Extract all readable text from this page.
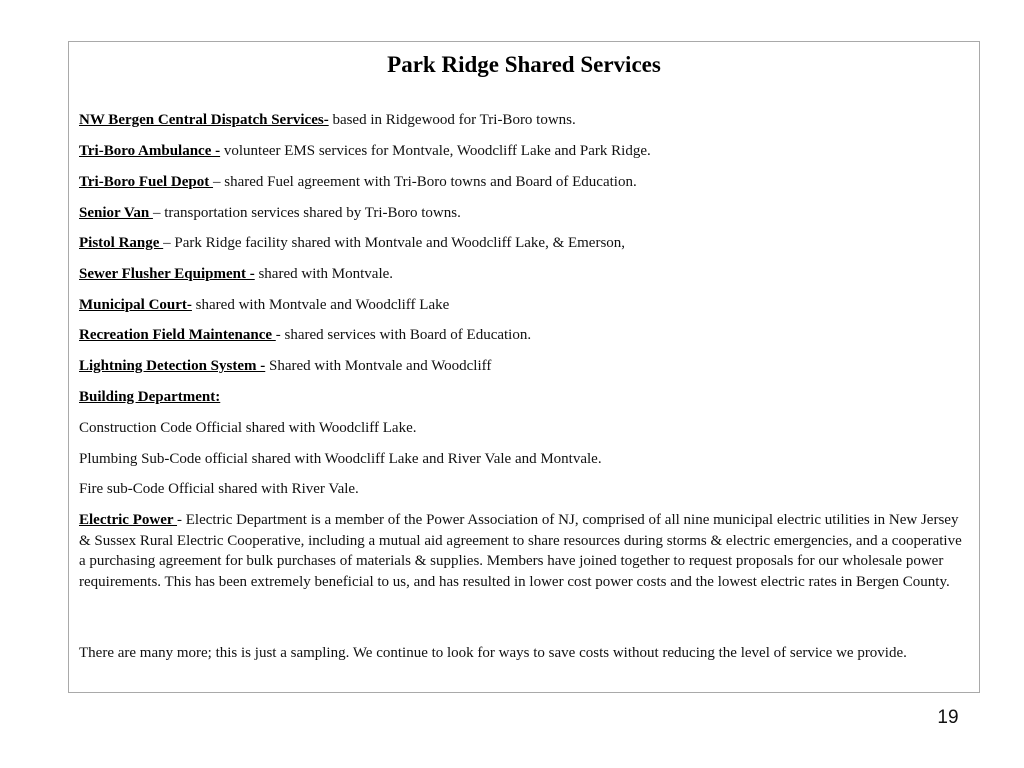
Park Ridge Shared Services
NW Bergen Central Dispatch Services- based in Ridgewood for Tri-Boro towns.
Tri-Boro Ambulance - volunteer EMS services for Montvale, Woodcliff Lake and Park Ridge.
Tri-Boro Fuel Depot – shared Fuel agreement with Tri-Boro towns and Board of Education.
Senior Van – transportation services shared by Tri-Boro towns.
Pistol Range – Park Ridge facility shared with Montvale and Woodcliff Lake, & Emerson,
Sewer Flusher Equipment - shared with Montvale.
Municipal Court- shared with Montvale and Woodcliff Lake
Recreation Field Maintenance - shared services with Board of Education.
Lightning Detection System - Shared with Montvale and Woodcliff
Building Department:
Construction Code Official shared with Woodcliff Lake.
Plumbing Sub-Code official shared with Woodcliff Lake and River Vale and Montvale.
Fire sub-Code Official shared with River Vale.
Electric Power - Electric Department is a member of the Power Association of NJ, comprised of all nine municipal electric utilities in New Jersey & Sussex Rural Electric Cooperative, including a mutual aid agreement to share resources during storms & electric emergencies, and a cooperative a purchasing agreement for bulk purchases of materials & supplies. Members have joined together to request proposals for our wholesale power requirements. This has been extremely beneficial to us, and has resulted in lower cost power costs and the lowest electric rates in Bergen County.
There are many more; this is just a sampling. We continue to look for ways to save costs without reducing the level of service we provide.
19
